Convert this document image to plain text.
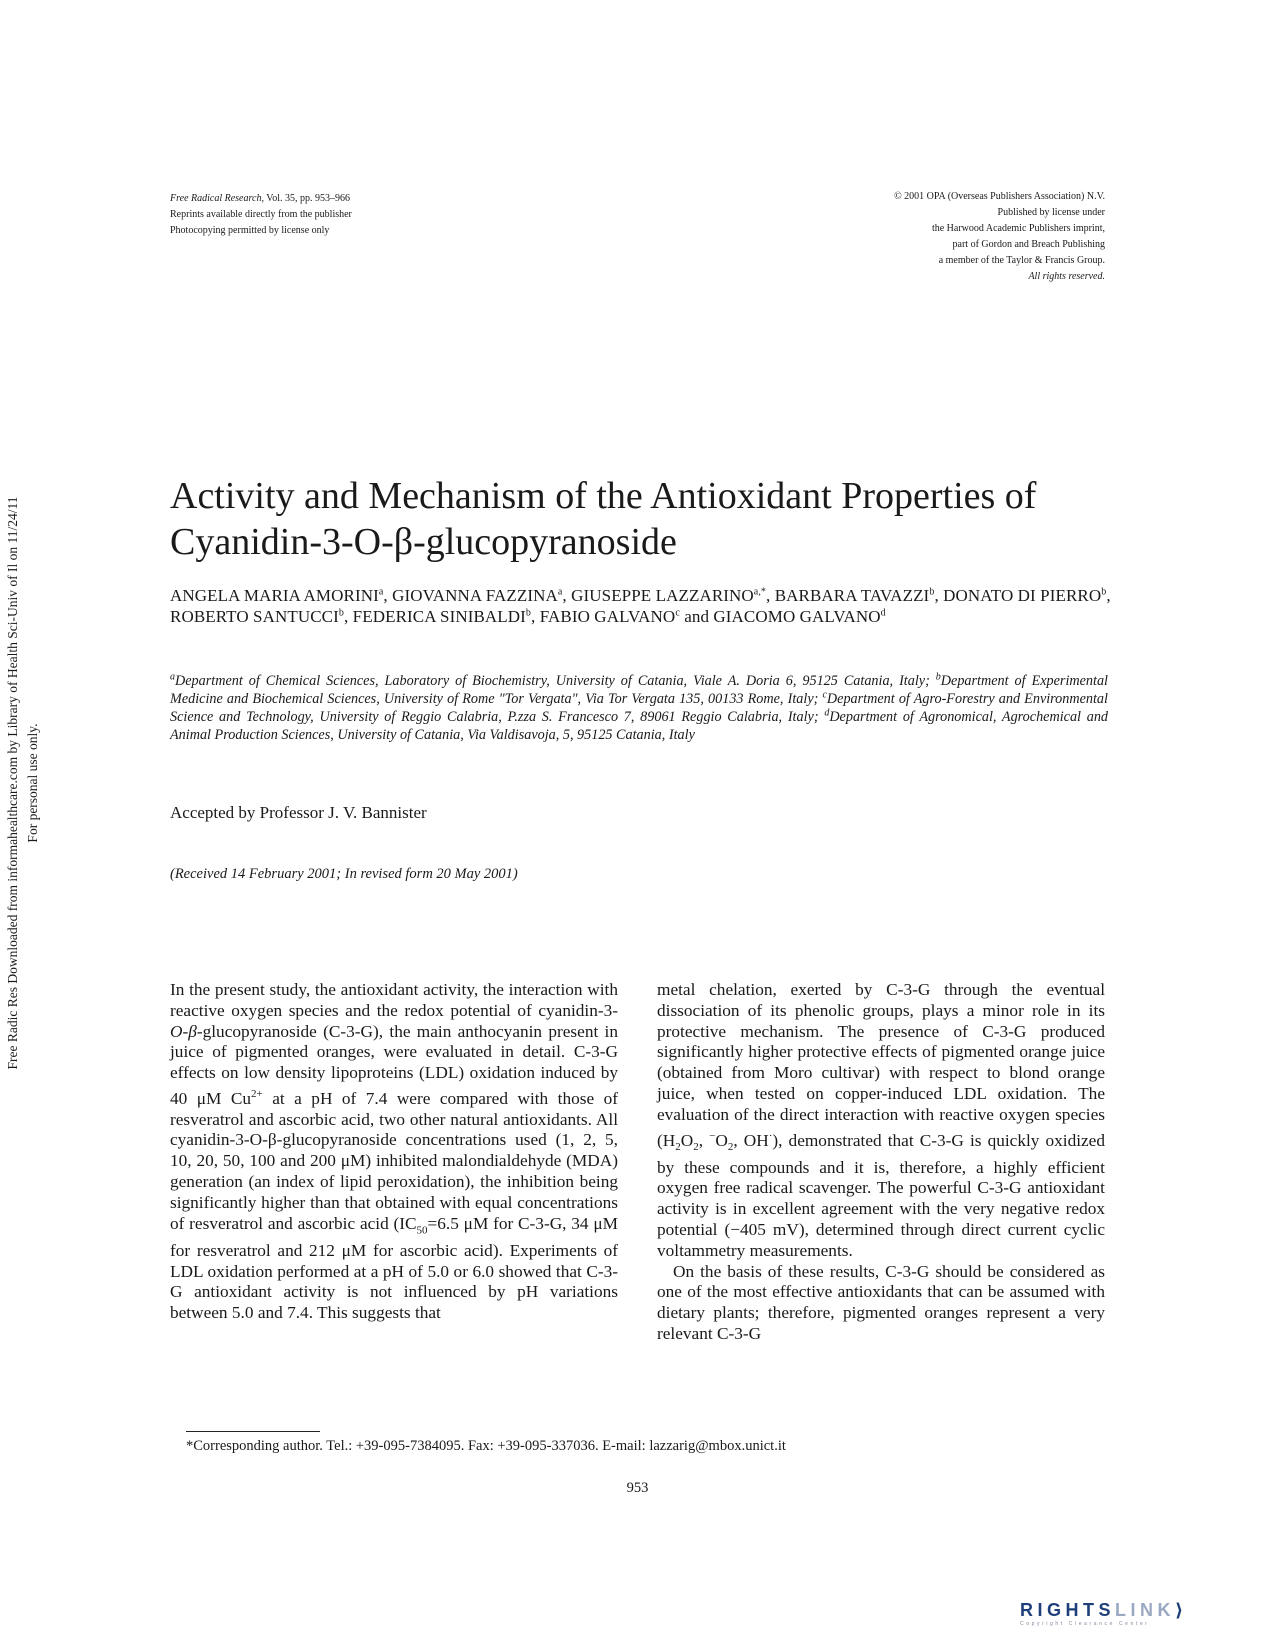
Free Radical Research, Vol. 35, pp. 953–966
Reprints available directly from the publisher
Photocopying permitted by license only
© 2001 OPA (Overseas Publishers Association) N.V.
Published by license under
the Harwood Academic Publishers imprint,
part of Gordon and Breach Publishing
a member of the Taylor & Francis Group.
All rights reserved.
Free Radic Res Downloaded from informahealthcare.com by Library of Health Sci-Univ of Il on 11/24/11 For personal use only.
Activity and Mechanism of the Antioxidant Properties of
Cyanidin-3-O-β-glucopyranoside
ANGELA MARIA AMORINI$^a$, GIOVANNA FAZZINA$^a$, GIUSEPPE $LAZZARINO^{a,*}$, BARBARA TAVAZZI$^b$, DONATO DI PIERRO$^b$, ROBERTO SANTUCCI$^b$, FEDERICA SINIBALDI$^b$, FABIO GALVANO$^c$ and GIACOMO GALVANO$^d$
$^a$Department of Chemical Sciences, Laboratory of Biochemistry, University of Catania, Viale A. Doria 6, 95125 Catania, Italy; $^b$Department of Experimental Medicine and Biochemical Sciences, University of Rome "Tor Vergata", Via Tor Vergata 135, 00133 Rome, Italy; $^c$Department of Agro-Forestry and Environmental Science and Technology, University of Reggio Calabria, P.zza S. Francesco 7, 89061 Reggio Calabria, Italy; $^d$Department of Agronomical, Agrochemical and Animal Production Sciences, University of Catania, Via Valdisavoja, 5, 95125 Catania, Italy
Accepted by Professor J. V. Bannister
(Received 14 February 2001; In revised form 20 May 2001)

In the present study, the antioxidant activity, the interaction with reactive oxygen species and the redox potential of cyanidin-3-O-β-glucopyranoside (C-3-G), the main anthocyanin present in juice of pigmented oranges, were evaluated in detail. C-3-G effects on low density lipoproteins (LDL) oxidation induced by 40 μM $Cu^{2+}$ at a pH of 7.4 were compared with those of resveratrol and ascorbic acid, two other natural antioxidants. All cyanidin-3-O-β-glucopyranoside concentrations used (1, 2, 5, 10, 20, 50, 100 and 200 μM) inhibited malondialdehyde (MDA) generation (an index of lipid peroxidation), the inhibition being significantly higher than that obtained with equal concentrations of resveratrol and ascorbic acid ($IC_{50}=6.5$ μM for C-3-G, 34 μM for resveratrol and 212 μM for ascorbic acid). Experiments of LDL oxidation performed at a pH of 5.0 or 6.0 showed that C-3-G antioxidant activity is not influenced by pH variations between 5.0 and 7.4. This suggests that

metal chelation, exerted by C-3-G through the eventual dissociation of its phenolic groups, plays a minor role in its protective mechanism. The presence of C-3-G produced significantly higher protective effects of pigmented orange juice (obtained from Moro cultivar) with respect to blond orange juice, when tested on copper-induced LDL oxidation. The evaluation of the direct interaction with reactive oxygen species ($H_2O_2$, $^-O_2$, OH·), demonstrated that C-3-G is quickly oxidized by these compounds and it is, therefore, a highly efficient oxygen free radical scavenger. The powerful C-3-G antioxidant activity is in excellent agreement with the very negative redox potential (−405 mV), determined through direct current cyclic voltammetry measurements.

On the basis of these results, C-3-G should be considered as one of the most effective antioxidants that can be assumed with dietary plants; therefore, pigmented oranges represent a very relevant C-3-G

*Corresponding author. Tel.: +39-095-7384095. Fax: +39-095-337036. E-mail: lazzarig@mbox.unict.it
953
RIGHTSLINK⟩
Copyright Clearance Center
